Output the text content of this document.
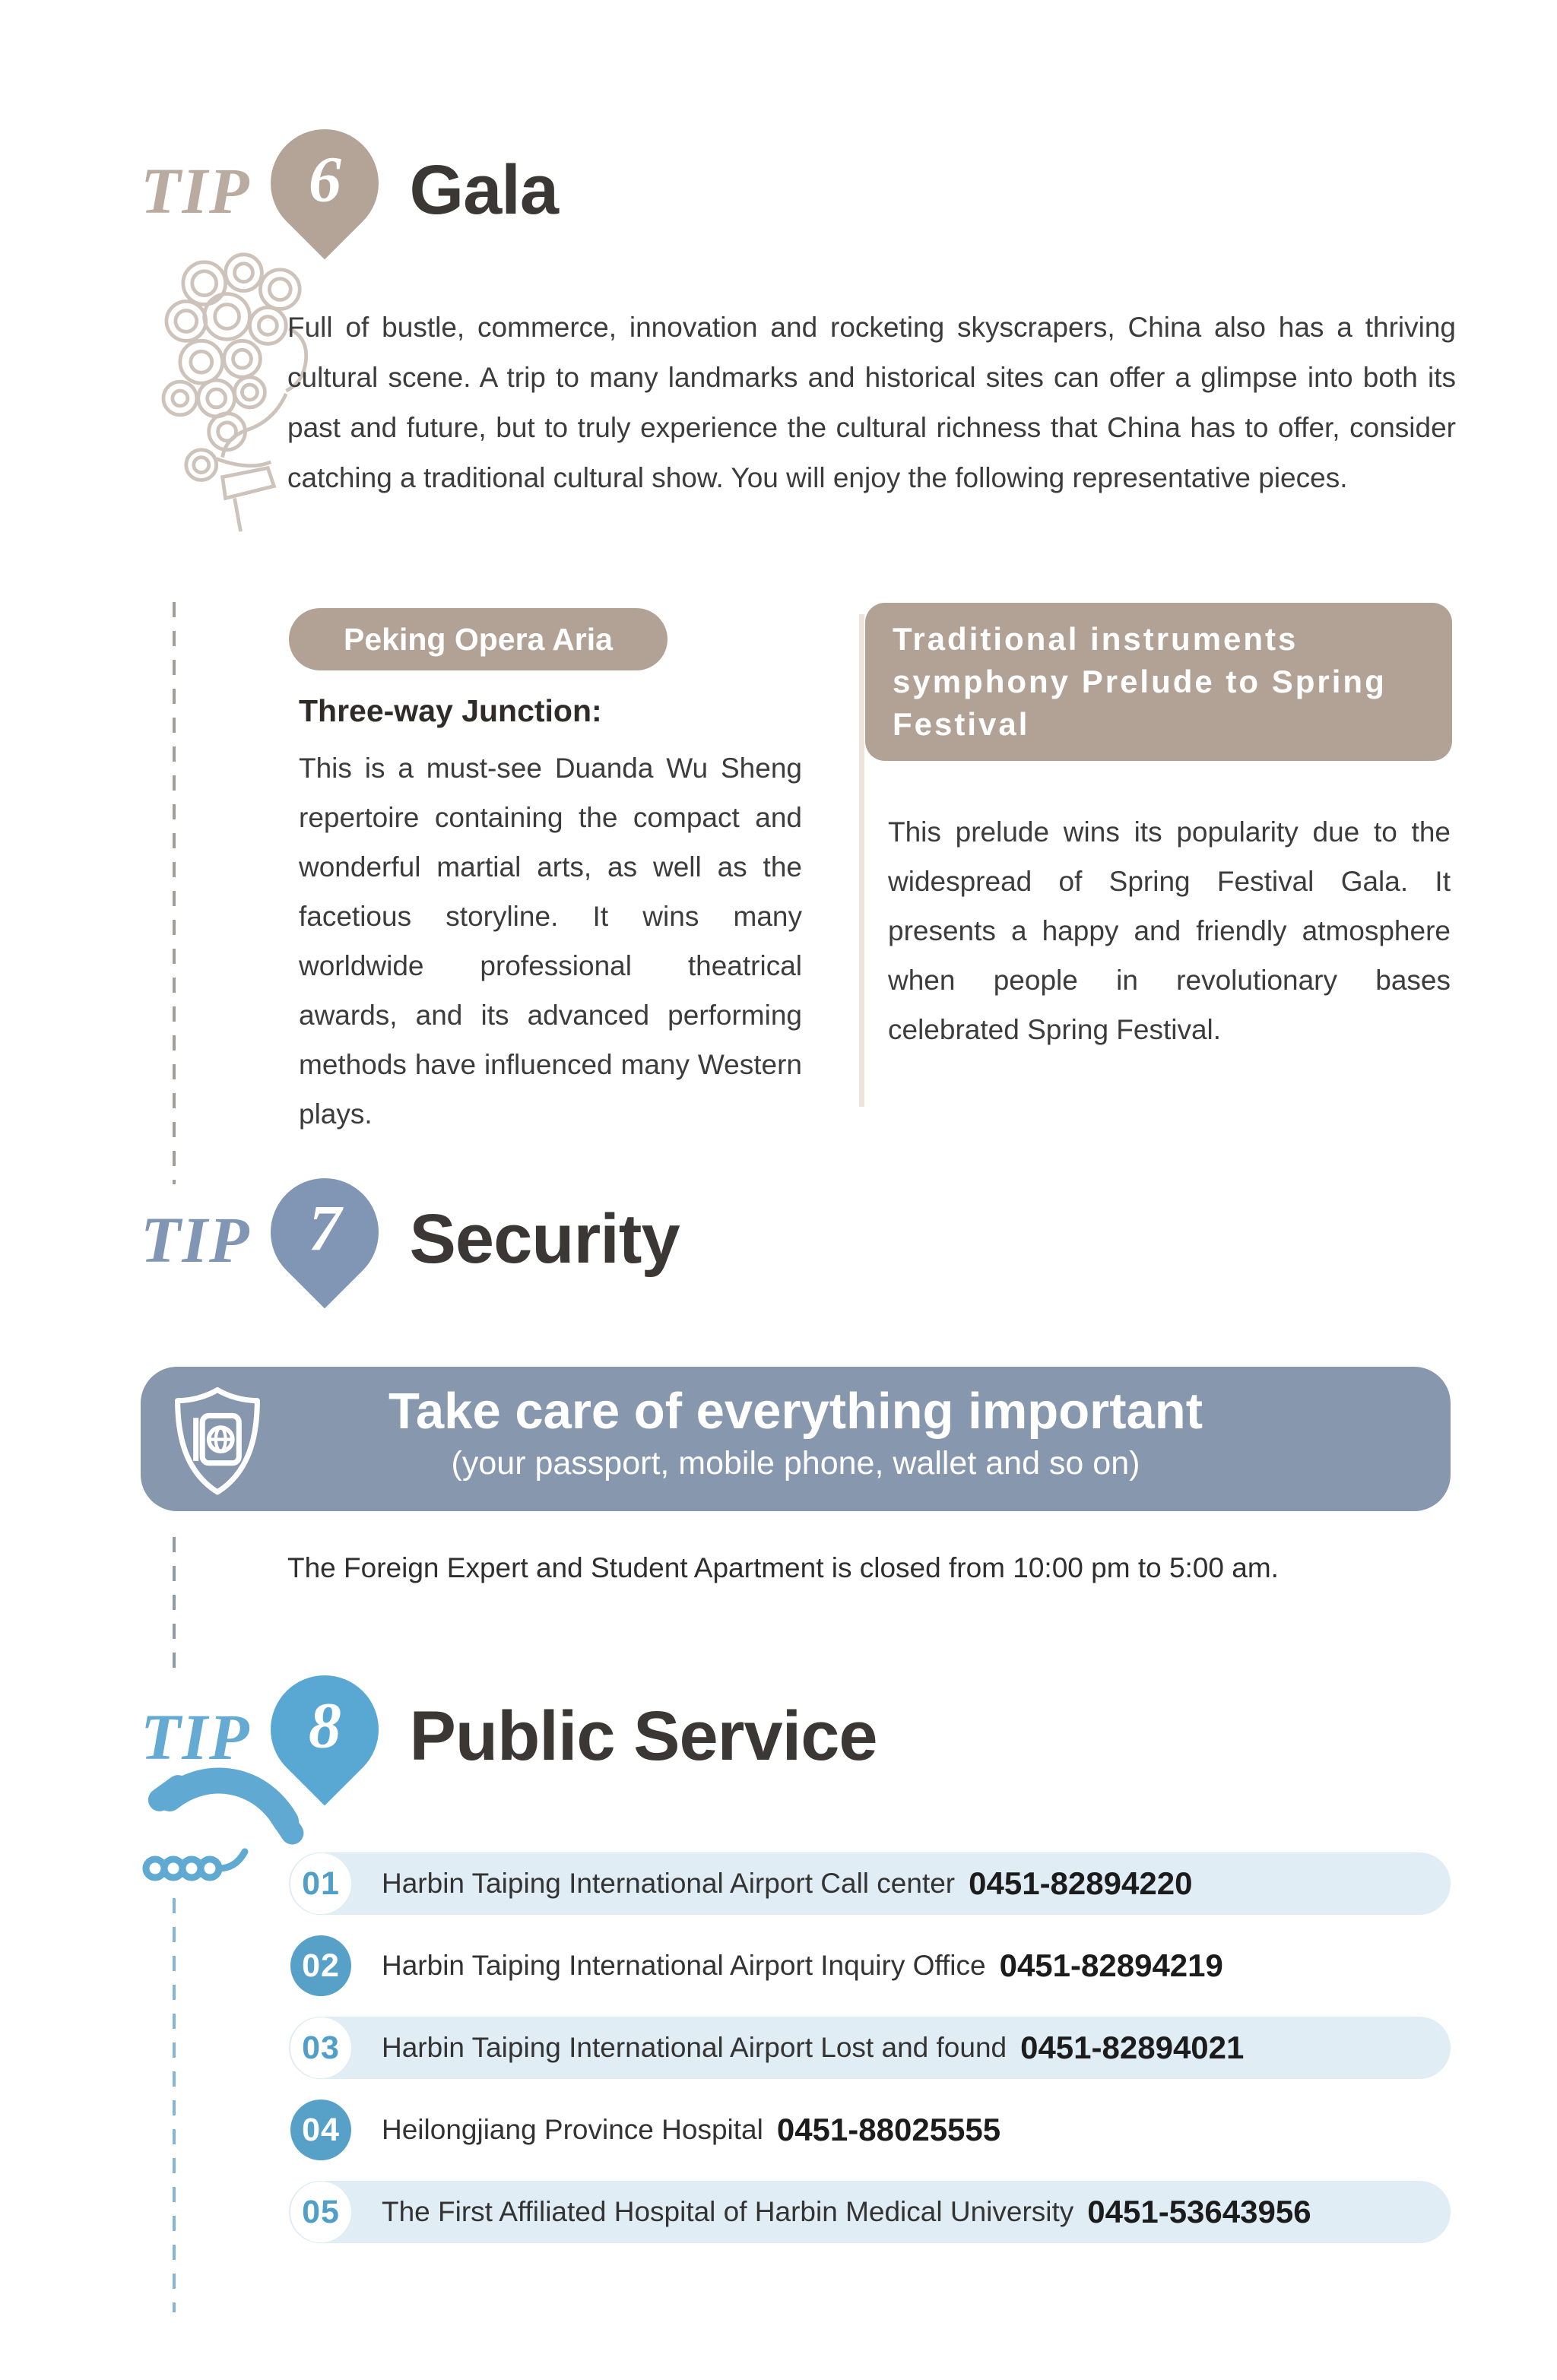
TIP 6 Gala

Full of bustle, commerce, innovation and rocketing skyscrapers, China also has a thriving cultural scene. A trip to many landmarks and historical sites can offer a glimpse into both its past and future, but to truly experience the cultural richness that China has to offer, consider catching a traditional cultural show. You will enjoy the following representative pieces.

Peking Opera Aria
Three-way Junction:

This is a must-see Duanda Wu Sheng repertoire containing the compact and wonderful martial arts, as well as the facetious storyline. It wins many worldwide professional theatrical awards, and its advanced performing methods have influenced many Western plays.

Traditional instruments symphony Prelude to Spring Festival

This prelude wins its popularity due to the widespread of Spring Festival Gala. It presents a happy and friendly atmosphere when people in revolutionary bases celebrated Spring Festival.

TIP 7 Security
Take care of everything important
(your passport, mobile phone, wallet and so on)
The Foreign Expert and Student Apartment is closed from 10:00 pm to 5:00 am.
TIP 8 Public Service
01	Harbin Taiping International Airport Call center 0451-82894220
02	Harbin Taiping International Airport Inquiry Office 0451-82894219
03	Harbin Taiping International Airport Lost and found 0451-82894021
04	Heilongjiang Province Hospital 0451-88025555
05	The First Affiliated Hospital of Harbin Medical University 0451-53643956
